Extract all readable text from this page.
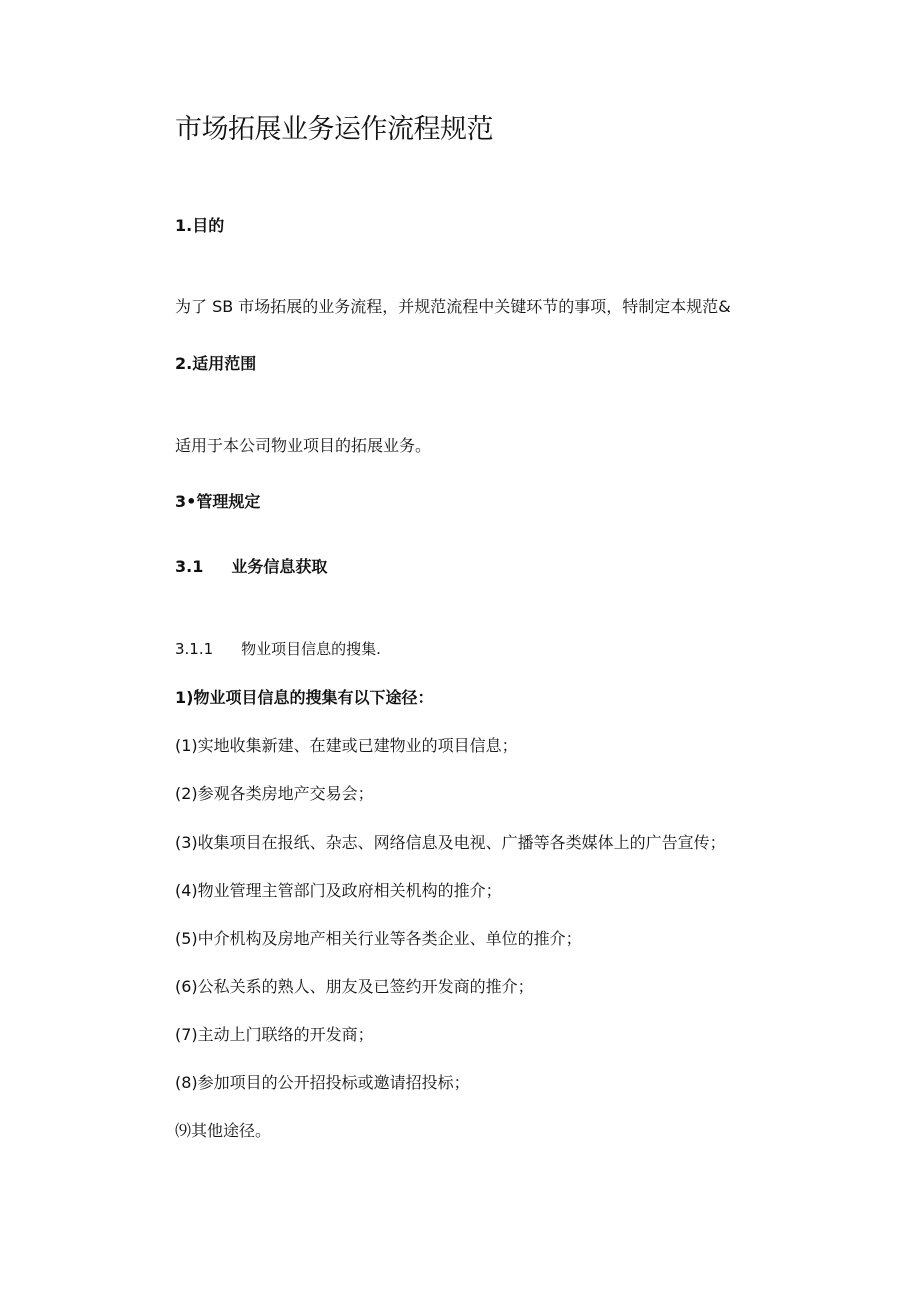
市场拓展业务运作流程规范
1.目的
为了 SB 市场拓展的业务流程，并规范流程中关键环节的事项，特制定本规范&
2.适用范围
适用于本公司物业项目的拓展业务。
3•管理规定
3.1 业务信息获取
3.1.1 物业项目信息的搜集.
1)物业项目信息的搜集有以下途径：
(1)实地收集新建、在建或已建物业的项目信息；
(2)参观各类房地产交易会；
(3)收集项目在报纸、杂志、网络信息及电视、广播等各类媒体上的广告宣传；
(4)物业管理主管部门及政府相关机构的推介；
(5)中介机构及房地产相关行业等各类企业、单位的推介；
(6)公私关系的熟人、朋友及已签约开发商的推介；
(7)主动上门联络的开发商；
(8)参加项目的公开招投标或邀请招投标；
⑼其他途径。
